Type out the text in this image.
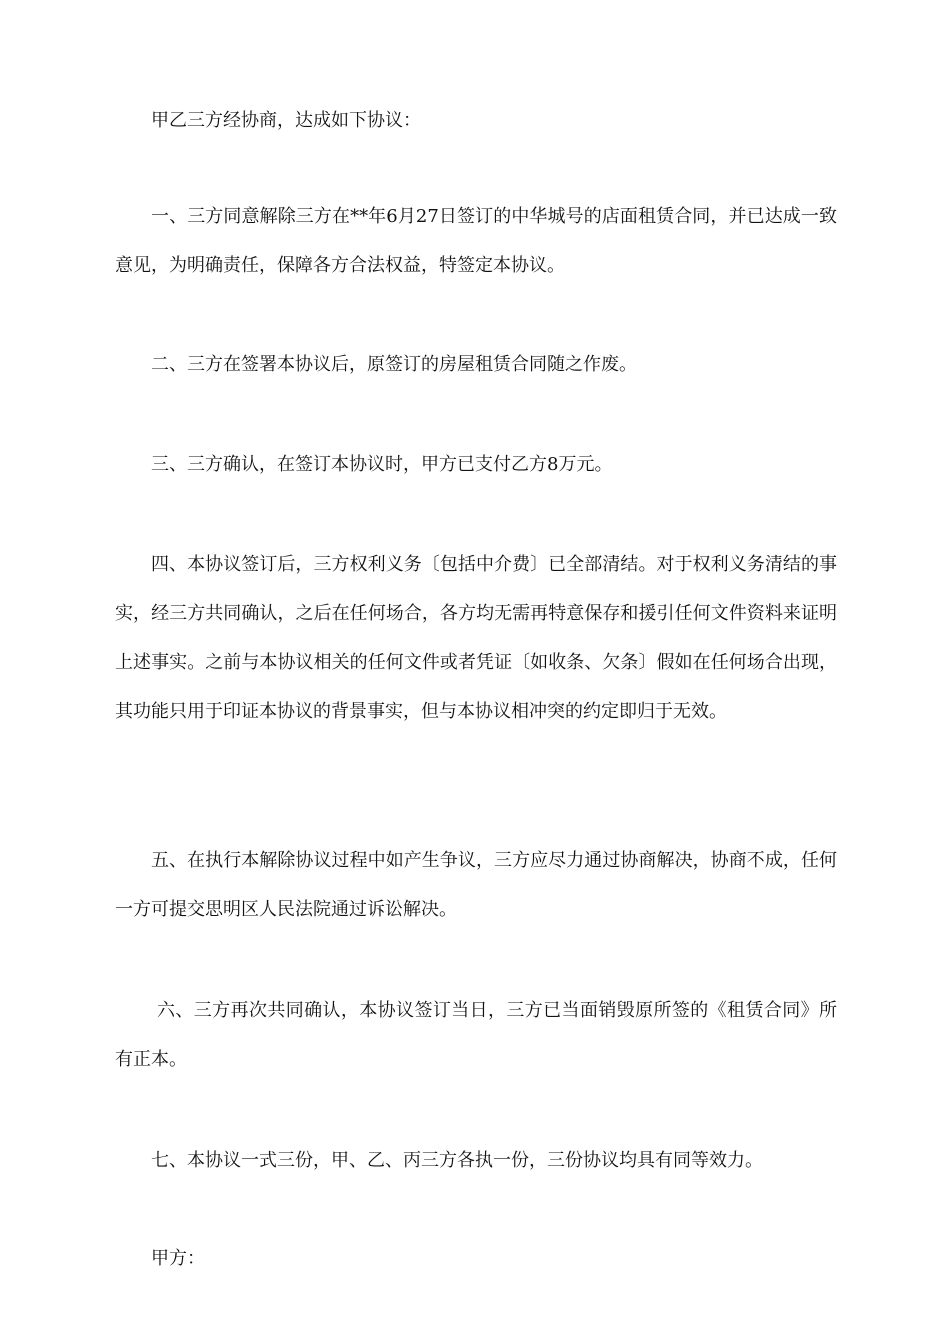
甲乙三方经协商，达成如下协议：

一、三方同意解除三方在**年6月27日签订的中华城号的店面租赁合同，并已达成一致意见，为明确责任，保障各方合法权益，特签定本协议。

二、三方在签署本协议后，原签订的房屋租赁合同随之作废。

三、三方确认，在签订本协议时，甲方已支付乙方8万元。

四、本协议签订后，三方权利义务〔包括中介费〕已全部清结。对于权利义务清结的事实，经三方共同确认，之后在任何场合，各方均无需再特意保存和援引任何文件资料来证明上述事实。之前与本协议相关的任何文件或者凭证〔如收条、欠条〕假如在任何场合出现，其功能只用于印证本协议的背景事实，但与本协议相冲突的约定即归于无效。

五、在执行本解除协议过程中如产生争议，三方应尽力通过协商解决，协商不成，任何一方可提交思明区人民法院通过诉讼解决。

六、三方再次共同确认，本协议签订当日，三方已当面销毁原所签的《租赁合同》所有正本。

七、本协议一式三份，甲、乙、丙三方各执一份，三份协议均具有同等效力。

甲方：
